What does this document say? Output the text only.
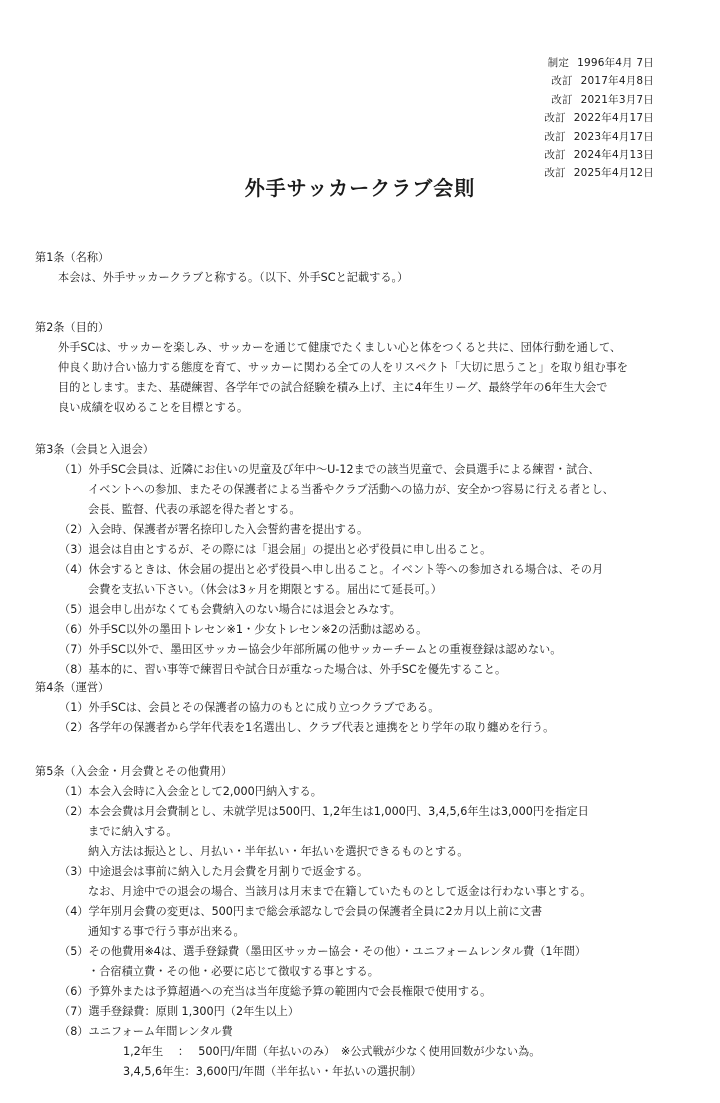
制定 1996年4月 7日
改訂 2017年4月8日
改訂 2021年3月7日
改訂 2022年4月17日
改訂 2023年4月17日
改訂 2024年4月13日
改訂 2025年4月12日
外手サッカークラブ会則
第1条（名称）
本会は、外手サッカークラブと称する。（以下、外手SCと記載する。）
第2条（目的）
外手SCは、サッカーを楽しみ、サッカーを通じて健康でたくましい心と体をつくると共に、団体行動を通して、
仲良く助け合い協力する態度を育て、サッカーに関わる全ての人をリスペクト「大切に思うこと」を取り組む事を
目的とします。また、基礎練習、各学年での試合経験を積み上げ、主に4年生リーグ、最終学年の6年生大会で
良い成績を収めることを目標とする。
第3条（会員と入退会）
（1）外手SC会員は、近隣にお住いの児童及び年中～U-12までの該当児童で、会員選手による練習・試合、
イベントへの参加、またその保護者による当番やクラブ活動への協力が、安全かつ容易に行える者とし、
会長、監督、代表の承認を得た者とする。
（2）入会時、保護者が署名捺印した入会誓約書を提出する。
（3）退会は自由とするが、その際には「退会届」の提出と必ず役員に申し出ること。
（4）休会するときは、休会届の提出と必ず役員へ申し出ること。イベント等への参加される場合は、その月
会費を支払い下さい。（休会は3ヶ月を期限とする。届出にて延長可。）
（5）退会申し出がなくても会費納入のない場合には退会とみなす。
（6）外手SC以外の墨田トレセン※1・少女トレセン※2の活動は認める。
（7）外手SC以外で、墨田区サッカー協会少年部所属の他サッカーチームとの重複登録は認めない。
（8）基本的に、習い事等で練習日や試合日が重なった場合は、外手SCを優先すること。
第4条（運営）
（1）外手SCは、会員とその保護者の協力のもとに成り立つクラブである。
（2）各学年の保護者から学年代表を1名選出し、クラブ代表と連携をとり学年の取り纏めを行う。
第5条（入会金・月会費とその他費用）
（1）本会入会時に入会金として2,000円納入する。
（2）本会会費は月会費制とし、未就学児は500円、1,2年生は1,000円、3,4,5,6年生は3,000円を指定日
までに納入する。
納入方法は振込とし、月払い・半年払い・年払いを選択できるものとする。
（3）中途退会は事前に納入した月会費を月割りで返金する。
なお、月途中での退会の場合、当該月は月末まで在籍していたものとして返金は行わない事とする。
（4）学年別月会費の変更は、500円まで総会承認なしで会員の保護者全員に2カ月以上前に文書
通知する事で行う事が出来る。
（5）その他費用※4は、選手登録費（墨田区サッカー協会・その他）・ユニフォームレンタル費（1年間）
・合宿積立費・その他・必要に応じて徴収する事とする。
（6）予算外または予算超過への充当は当年度総予算の範囲内で会長権限で使用する。
（7）選手登録費：原則 1,300円（2年生以上）
（8）ユニフォーム年間レンタル費
1,2年生　 ：　 500円/年間（年払いのみ）　※公式戦が少なく使用回数が少ない為。
3,4,5,6年生：3,600円/年間（半年払い・年払いの選択制）
